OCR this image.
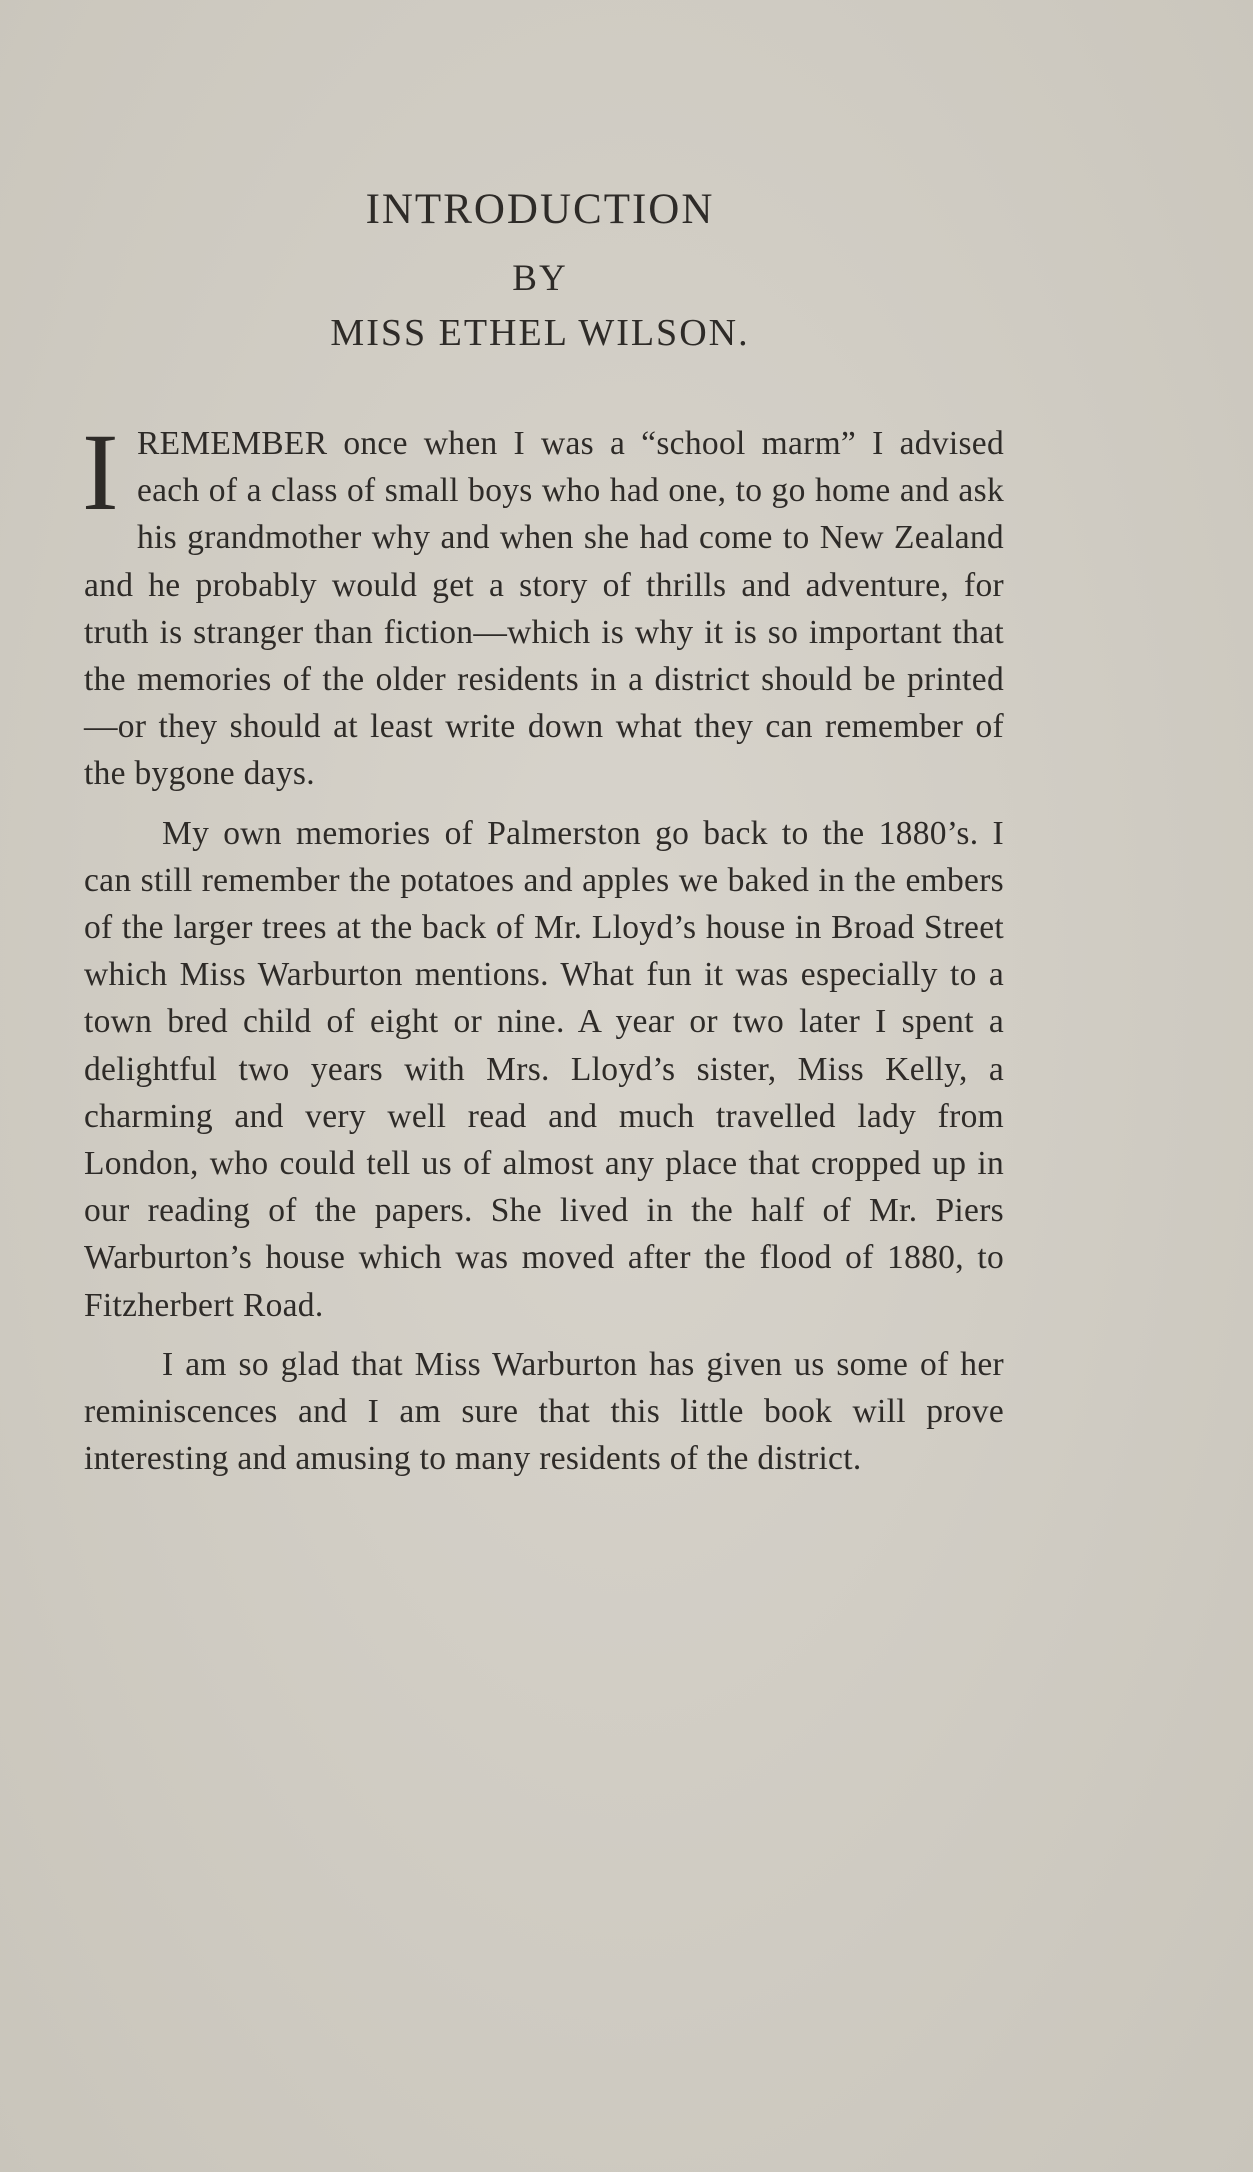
INTRODUCTION
BY
MISS ETHEL WILSON.

IREMEMBER once when I was a “school marm” I advised each of a class of small boys who had one, to go home and ask his grandmother why and when she had come to New Zealand and he probably would get a story of thrills and adventure, for truth is stranger than fiction—which is why it is so important that the memories of the older residents in a district should be printed—or they should at least write down what they can remember of the bygone days.

My own memories of Palmerston go back to the 1880’s. I can still remember the potatoes and apples we baked in the embers of the larger trees at the back of Mr. Lloyd’s house in Broad Street which Miss Warburton mentions. What fun it was especially to a town bred child of eight or nine. A year or two later I spent a delightful two years with Mrs. Lloyd’s sister, Miss Kelly, a charming and very well read and much travelled lady from London, who could tell us of almost any place that cropped up in our reading of the papers. She lived in the half of Mr. Piers Warburton’s house which was moved after the flood of 1880, to Fitzherbert Road.

I am so glad that Miss Warburton has given us some of her reminiscences and I am sure that this little book will prove interesting and amusing to many residents of the district.
